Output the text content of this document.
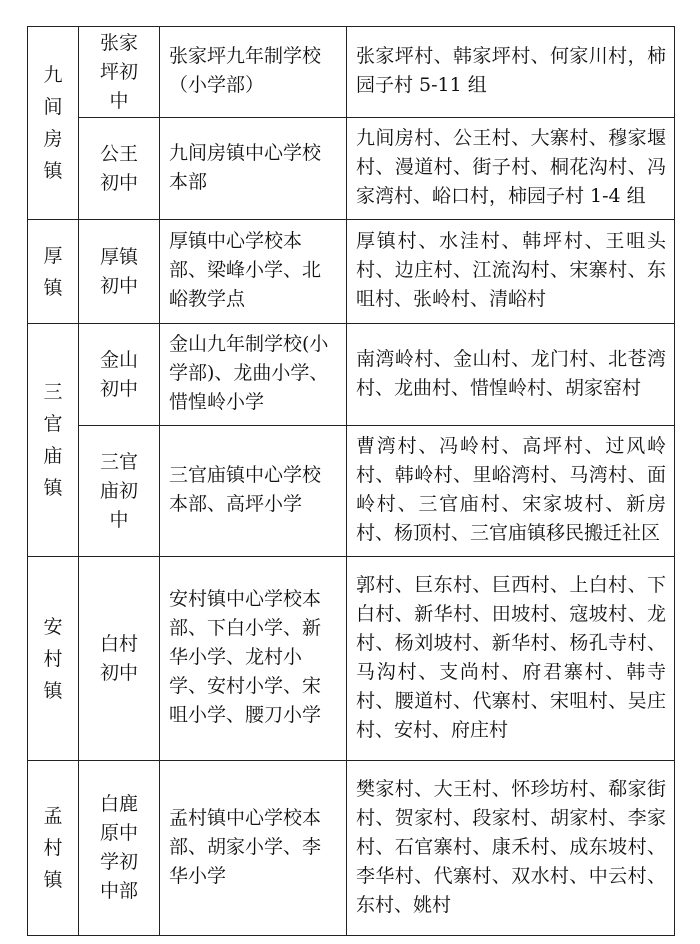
九间房镇	张家坪初中	张家坪九年制学校（小学部）	张家坪村、韩家坪村、何家川村，柿园子村 5-11 组

	公王初中	九间房镇中心学校本部	九间房村、公王村、大寨村、穆家堰村、漫道村、街子村、桐花沟村、冯家湾村、峪口村，柿园子村 1-4 组

厚镇	厚镇初中	厚镇中心学校本部、梁峰小学、北峪教学点	厚镇村、水洼村、韩坪村、王咀头村、边庄村、江流沟村、宋寨村、东咀村、张岭村、清峪村

三官庙镇	金山初中	金山九年制学校(小学部)、龙曲小学、惜惶岭小学	南湾岭村、金山村、龙门村、北苍湾村、龙曲村、惜惶岭村、胡家窑村

	三官庙初中	三官庙镇中心学校本部、高坪小学	曹湾村、冯岭村、高坪村、过风岭村、韩岭村、里峪湾村、马湾村、面岭村、三官庙村、宋家坡村、新房村、杨顶村、三官庙镇移民搬迁社区

安村镇	白村初中	安村镇中心学校本部、下白小学、新华小学、龙村小学、安村小学、宋咀小学、腰刀小学	郭村、巨东村、巨西村、上白村、下白村、新华村、田坡村、寇坡村、龙村、杨刘坡村、新华村、杨孔寺村、马沟村、支尚村、府君寨村、韩寺村、腰道村、代寨村、宋咀村、吴庄村、安村、府庄村

孟村镇	白鹿原中学初中部	孟村镇中心学校本部、胡家小学、李华小学	樊家村、大王村、怀珍坊村、郗家街村、贺家村、段家村、胡家村、李家村、石官寨村、康禾村、成东坡村、李华村、代寨村、双水村、中云村、东村、姚村
